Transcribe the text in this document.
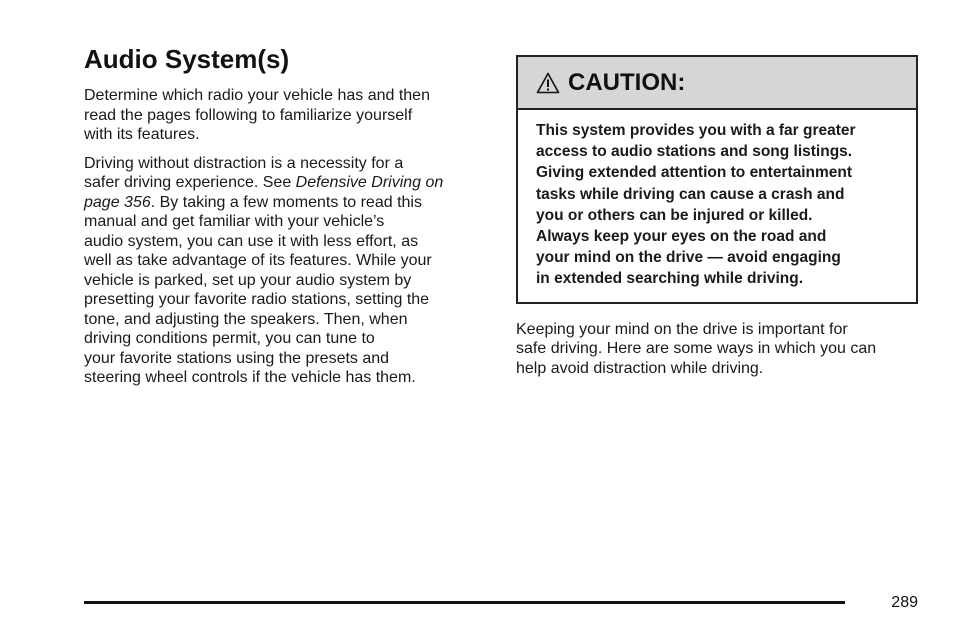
Audio System(s)

Determine which radio your vehicle has and then
read the pages following to familiarize yourself
with its features.

Driving without distraction is a necessity for a
safer driving experience. See Defensive Driving on
page 356. By taking a few moments to read this
manual and get familiar with your vehicle’s
audio system, you can use it with less effort, as
well as take advantage of its features. While your
vehicle is parked, set up your audio system by
presetting your favorite radio stations, setting the
tone, and adjusting the speakers. Then, when
driving conditions permit, you can tune to
your favorite stations using the presets and
steering wheel controls if the vehicle has them.

CAUTION:
This system provides you with a far greater
access to audio stations and song listings.
Giving extended attention to entertainment
tasks while driving can cause a crash and
you or others can be injured or killed.
Always keep your eyes on the road and
your mind on the drive — avoid engaging
in extended searching while driving.

Keeping your mind on the drive is important for
safe driving. Here are some ways in which you can
help avoid distraction while driving.

289
